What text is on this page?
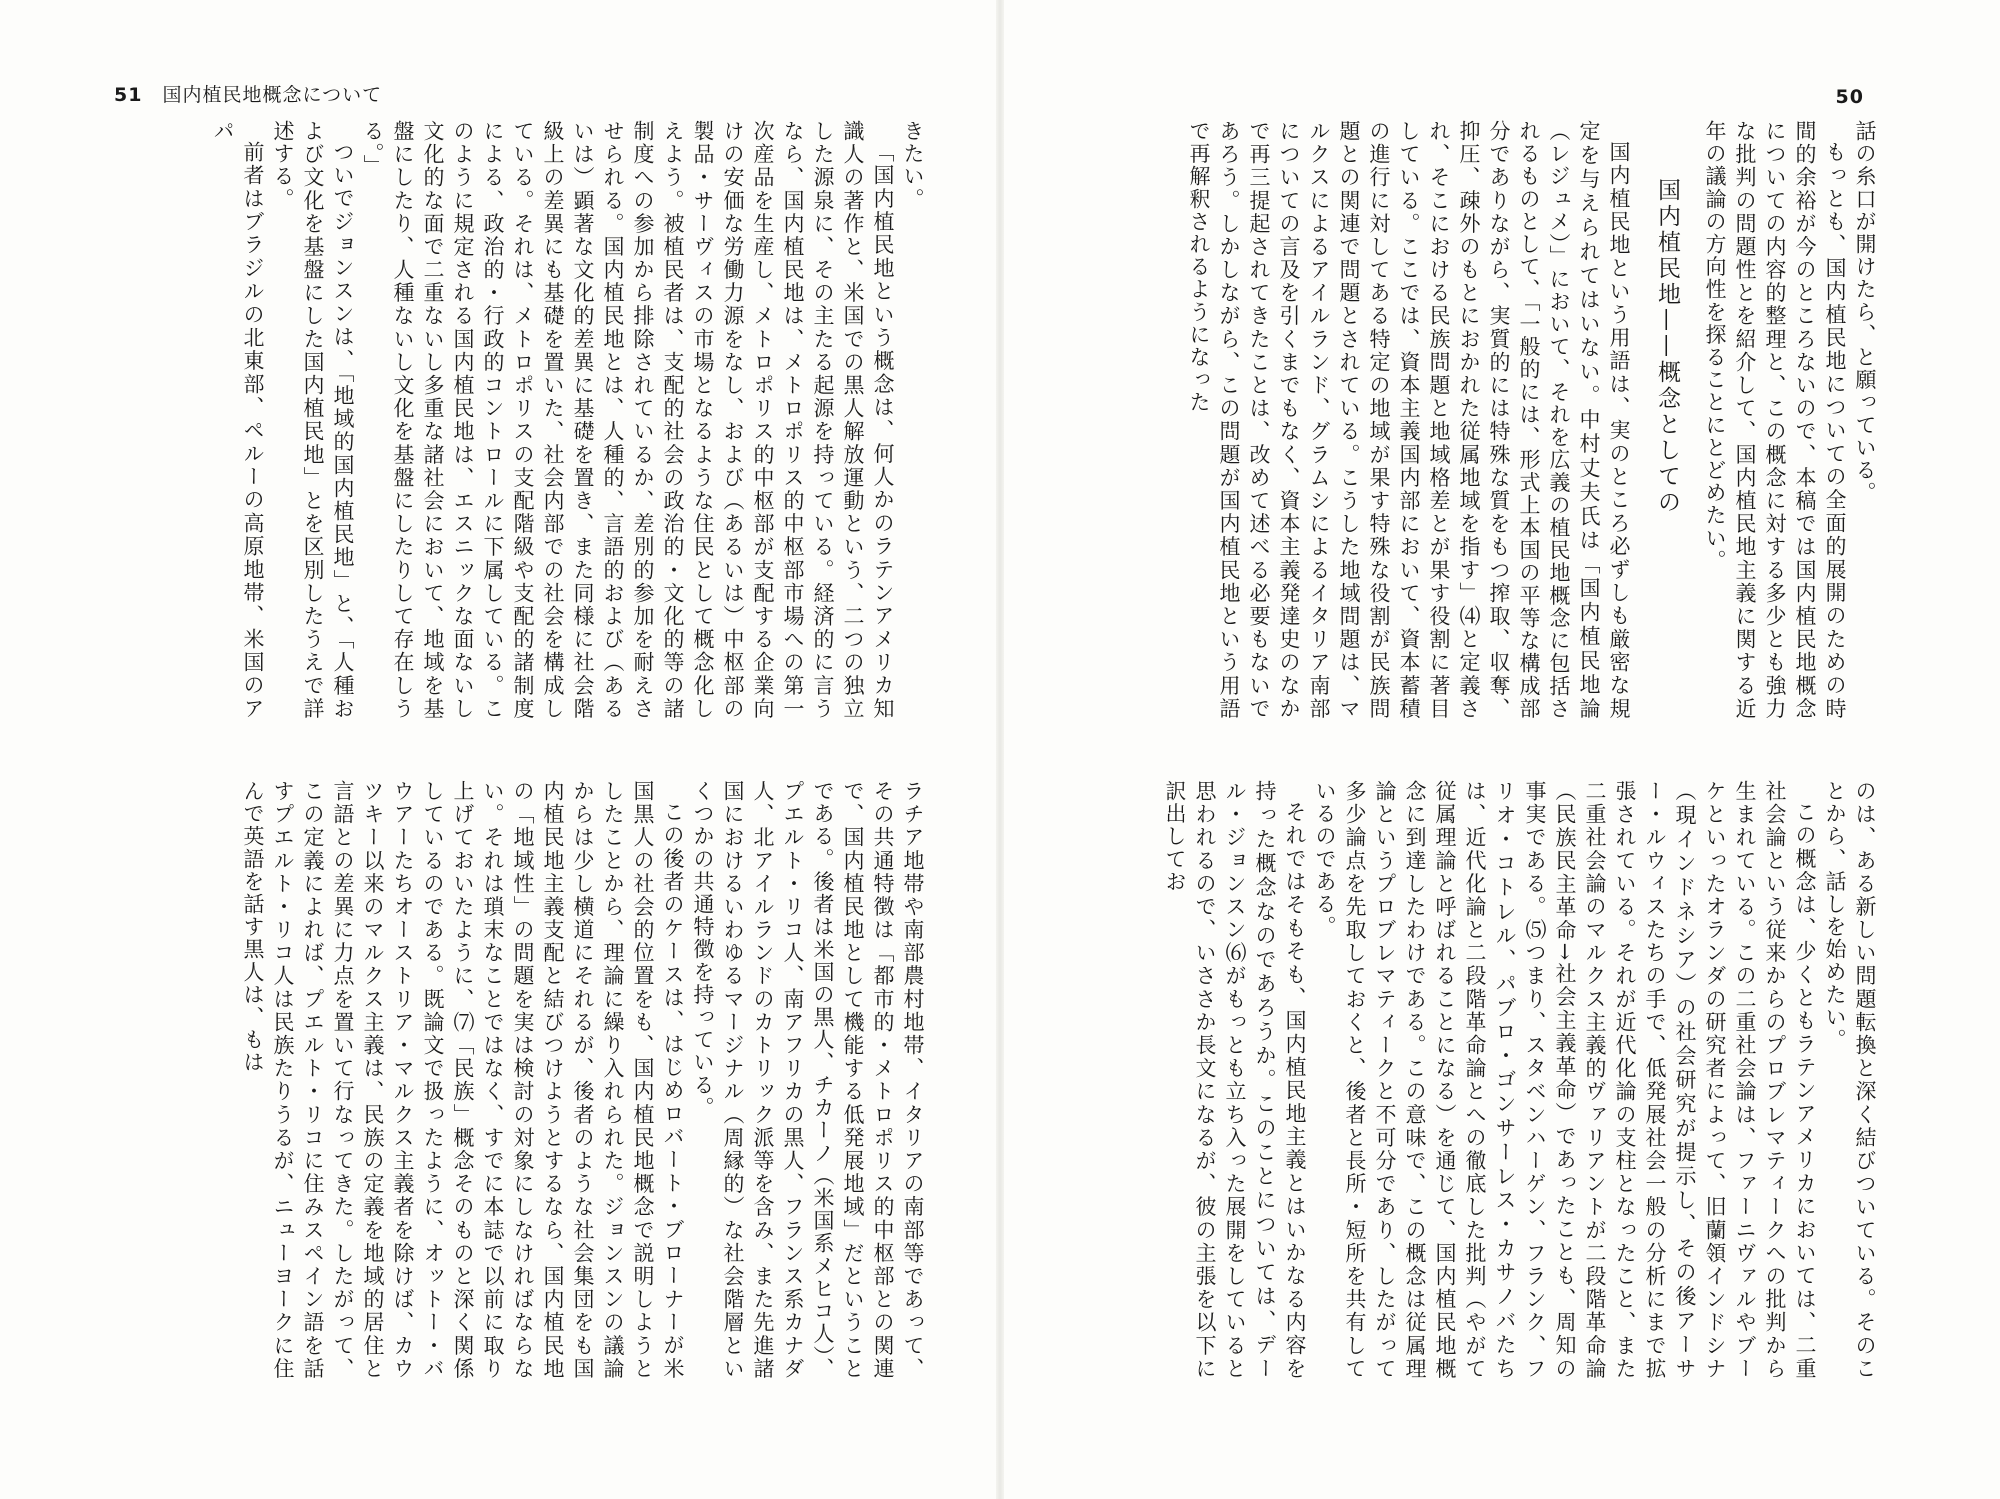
51 国内植民地概念について	50

話の糸口が開けたら、と願っている。

もっとも、国内植民地についての全面的展開のための時間的余裕が今のところないので、本稿では国内植民地概念についての内容的整理と、この概念に対する多少とも強力な批判の問題性とを紹介して、国内植民地主義に関する近年の議論の方向性を探ることにとどめたい。

国内植民地——概念としての

国内植民地という用語は、実のところ必ずしも厳密な規定を与えられてはいない。中村丈夫氏は「国内植民地論（レジュメ）」において、それを広義の植民地概念に包括されるものとして、「一般的には、形式上本国の平等な構成部分でありながら、実質的には特殊な質をもつ搾取、収奪、抑圧、疎外のもとにおかれた従属地域を指す」⑷と定義され、そこにおける民族問題と地域格差とが果す役割に著目している。ここでは、資本主義国内部において、資本蓄積の進行に対してある特定の地域が果す特殊な役割が民族問題との関連で問題とされている。こうした地域問題は、マルクスによるアイルランド、グラムシによるイタリア南部についての言及を引くまでもなく、資本主義発達史のなかで再三提起されてきたことは、改めて述べる必要もないであろう。しかしながら、この問題が国内植民地という用語で再解釈されるようになった

のは、ある新しい問題転換と深く結びついている。そのことから、話しを始めたい。

この概念は、少くともラテンアメリカにおいては、二重社会論という従来からのプロブレマティークへの批判から生まれている。この二重社会論は、ファーニヴァルやブーケといったオランダの研究者によって、旧蘭領インドシナ（現インドネシア）の社会研究が提示し、その後アーサー・ルウィスたちの手で、低発展社会一般の分析にまで拡張されている。それが近代化論の支柱となったこと、また二重社会論のマルクス主義的ヴァリアントが二段階革命論（民族民主革命→社会主義革命）であったことも、周知の事実である。⑸つまり、スタベンハーゲン、フランク、フリオ・コトレル、パブロ・ゴンサーレス・カサノバたちは、近代化論と二段階革命論とへの徹底した批判（やがて従属理論と呼ばれることになる）を通じて、国内植民地概念に到達したわけである。この意味で、この概念は従属理論というプロブレマティークと不可分であり、したがって多少論点を先取しておくと、後者と長所・短所を共有しているのである。

それではそもそも、国内植民地主義とはいかなる内容を持った概念なのであろうか。このことについては、デール・ジョンスン⑹がもっとも立ち入った展開をしていると思われるので、いささか長文になるが、彼の主張を以下に訳出してお

きたい。

「国内植民地という概念は、何人かのラテンアメリカ知識人の著作と、米国での黒人解放運動という、二つの独立した源泉に、その主たる起源を持っている。経済的に言うなら、国内植民地は、メトロポリス的中枢部市場への第一次産品を生産し、メトロポリス的中枢部が支配する企業向けの安価な労働力源をなし、および（あるいは）中枢部の製品・サーヴィスの市場となるような住民として概念化しえよう。被植民者は、支配的社会の政治的・文化的等の諸制度への参加から排除されているか、差別的参加を耐えさせられる。国内植民地とは、人種的、言語的および（あるいは）顕著な文化的差異に基礎を置き、また同様に社会階級上の差異にも基礎を置いた、社会内部での社会を構成している。それは、メトロポリスの支配階級や支配的諸制度による、政治的・行政的コントロールに下属している。このように規定される国内植民地は、エスニックな面ないし文化的な面で二重ないし多重な諸社会において、地域を基盤にしたり、人種ないし文化を基盤にしたりして存在しうる。」

ついでジョンスンは、「地域的国内植民地」と、「人種および文化を基盤にした国内植民地」とを区別したうえで詳述する。

前者はブラジルの北東部、ペルーの高原地帯、米国のアパ

ラチア地帯や南部農村地帯、イタリアの南部等であって、その共通特徴は「都市的・メトロポリス的中枢部との関連で、国内植民地として機能する低発展地域」だということである。後者は米国の黒人、チカーノ（米国系メヒコ人）、プエルト・リコ人、南アフリカの黒人、フランス系カナダ人、北アイルランドのカトリック派等を含み、また先進諸国におけるいわゆるマージナル（周縁的）な社会階層といくつかの共通特徴を持っている。

この後者のケースは、はじめロバート・ブローナーが米国黒人の社会的位置をも、国内植民地概念で説明しようとしたことから、理論に繰り入れられた。ジョンスンの議論からは少し横道にそれるが、後者のような社会集団をも国内植民地主義支配と結びつけようとするなら、国内植民地の「地域性」の問題を実は検討の対象にしなければならない。それは瑣末なことではなく、すでに本誌で以前に取り上げておいたように、⑺「民族」概念そのものと深く関係しているのである。既論文で扱ったように、オットー・バウアーたちオーストリア・マルクス主義者を除けば、カウツキー以来のマルクス主義は、民族の定義を地域的居住と言語との差異に力点を置いて行なってきた。したがって、この定義によれば、プエルト・リコに住みスペイン語を話すプエルト・リコ人は民族たりうるが、ニューヨークに住んで英語を話す黒人は、もは
